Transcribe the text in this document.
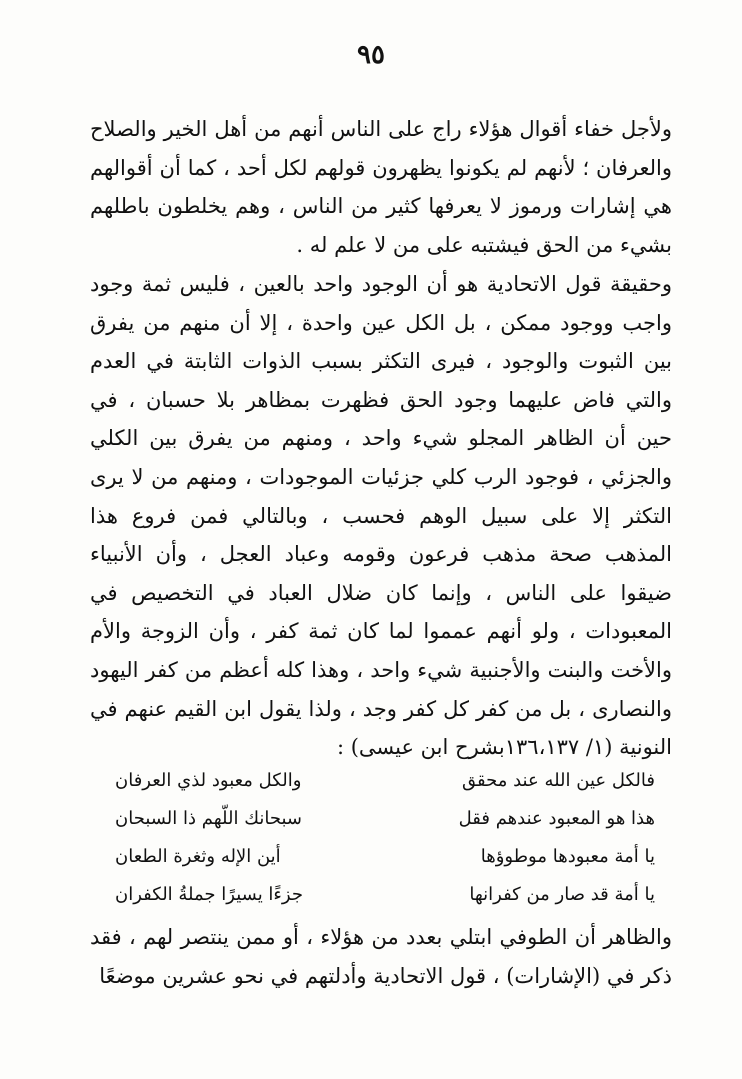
٩٥

ولأجل خفاء أقوال هؤلاء راج على الناس أنهم من أهل الخير والصلاح والعرفان ؛ لأنهم لم يكونوا يظهرون قولهم لكل أحد ، كما أن أقوالهم هي إشارات ورموز لا يعرفها كثير من الناس ، وهم يخلطون باطلهم بشيء من الحق فيشتبه على من لا علم له .

وحقيقة قول الاتحادية هو أن الوجود واحد بالعين ، فليس ثمة وجود واجب ووجود ممكن ، بل الكل عين واحدة ، إلا أن منهم من يفرق بين الثبوت والوجود ، فيرى التكثر بسبب الذوات الثابتة في العدم والتي فاض عليهما وجود الحق فظهرت بمظاهر بلا حسبان ، في حين أن الظاهر المجلو شيء واحد ، ومنهم من يفرق بين الكلي والجزئي ، فوجود الرب كلي جزئيات الموجودات ، ومنهم من لا يرى التكثر إلا على سبيل الوهم فحسب ، وبالتالي فمن فروع هذا المذهب صحة مذهب فرعون وقومه وعباد العجل ، وأن الأنبياء ضيقوا على الناس ، وإنما كان ضلال العباد في التخصيص في المعبودات ، ولو أنهم عمموا لما كان ثمة كفر ، وأن الزوجة والأم والأخت والبنت والأجنبية شيء واحد ، وهذا كله أعظم من كفر اليهود والنصارى ، بل من كفر كل كفر وجد ، ولذا يقول ابن القيم عنهم في النونية (١/ ١٣٦،١٣٧بشرح ابن عيسى) :

فالكل عين الله عند محقق
والكل معبود لذي العرفان
هذا هو المعبود عندهم فقل
سبحانك اللّهم ذا السبحان
يا أمة معبودها موطوؤها
أين الإله وثغرة الطعان
يا أمة قد صار من كفرانها
جزءًا يسيرًا جملةُ الكفران

والظاهر أن الطوفي ابتلي بعدد من هؤلاء ، أو ممن ينتصر لهم ، فقد ذكر في (الإشارات) ، قول الاتحادية وأدلتهم في نحو عشرين موضعًا
